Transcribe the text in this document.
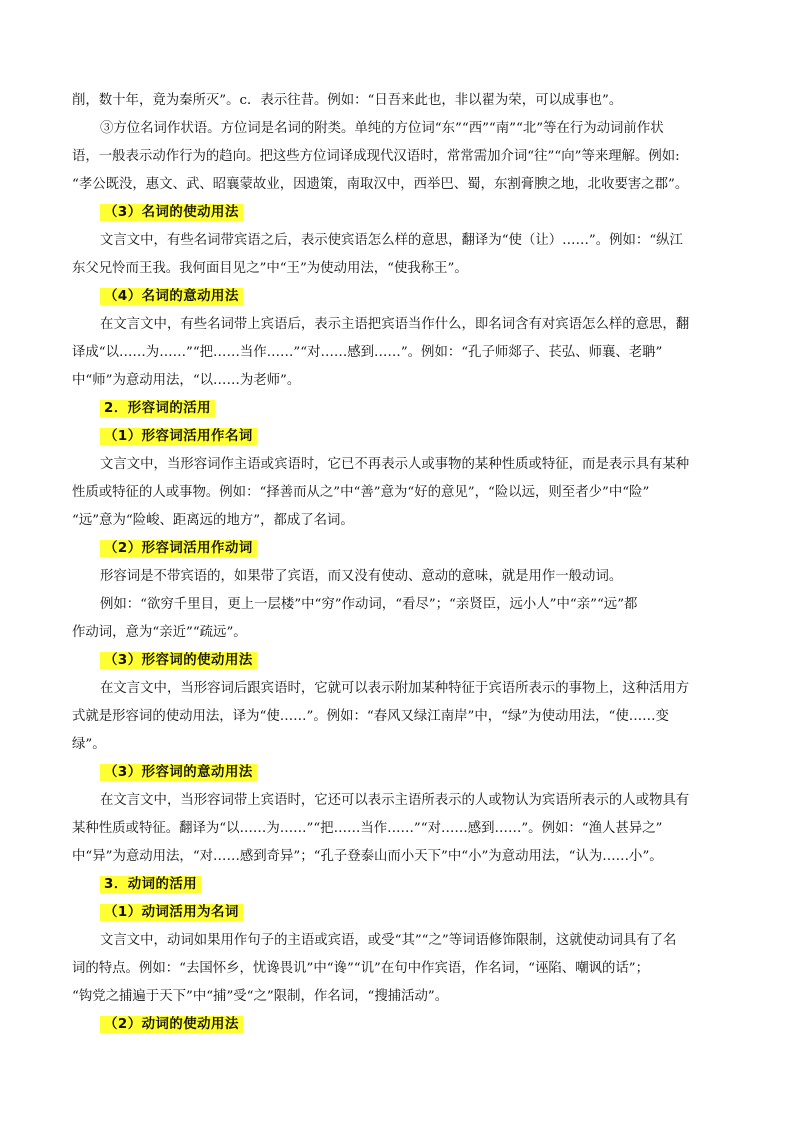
削，数十年，竟为秦所灭”。c．表示往昔。例如：“日吾来此也，非以翟为荣，可以成事也”。
③方位名词作状语。方位词是名词的附类。单纯的方位词“东”“西”“南”“北”等在行为动词前作状
语，一般表示动作行为的趋向。把这些方位词译成现代汉语时，常常需加介词“往”“向”等来理解。例如:
“孝公既没，惠文、武、昭襄蒙故业，因遗策，南取汉中，西举巴、蜀，东割膏腴之地，北收要害之郡”。
（3）名词的使动用法
文言文中，有些名词带宾语之后，表示使宾语怎么样的意思，翻译为“使（让）……”。例如：“纵江
东父兄怜而王我。我何面目见之”中“王”为使动用法，“使我称王”。
（4）名词的意动用法
在文言文中，有些名词带上宾语后，表示主语把宾语当作什么，即名词含有对宾语怎么样的意思，翻
译成“以……为……”“把……当作……”“对……感到……”。例如：“孔子师郯子、苌弘、师襄、老聃”
中“师”为意动用法，“以……为老师”。
2．形容词的活用
（1）形容词活用作名词
文言文中，当形容词作主语或宾语时，它已不再表示人或事物的某种性质或特征，而是表示具有某种
性质或特征的人或事物。例如：“择善而从之”中“善”意为“好的意见”，“险以远，则至者少”中“险”
“远”意为“险峻、距离远的地方”，都成了名词。
（2）形容词活用作动词
形容词是不带宾语的，如果带了宾语，而又没有使动、意动的意味，就是用作一般动词。
例如：“欲穷千里目，更上一层楼”中“穷”作动词，“看尽”；“亲贤臣，远小人”中“亲”“远”都
作动词，意为“亲近”“疏远”。
（3）形容词的使动用法
在文言文中，当形容词后跟宾语时，它就可以表示附加某种特征于宾语所表示的事物上，这种活用方
式就是形容词的使动用法，译为“使……”。例如：“春风又绿江南岸”中，“绿”为使动用法，“使……变
绿”。
（3）形容词的意动用法
在文言文中，当形容词带上宾语时，它还可以表示主语所表示的人或物认为宾语所表示的人或物具有
某种性质或特征。翻译为“以……为……”“把……当作……”“对……感到……”。例如：“渔人甚异之”
中“异”为意动用法，“对……感到奇异”；“孔子登泰山而小天下”中“小”为意动用法，“认为……小”。
3．动词的活用
（1）动词活用为名词
文言文中，动词如果用作句子的主语或宾语，或受“其”“之”等词语修饰限制，这就使动词具有了名
词的特点。例如：“去国怀乡，忧谗畏讥”中“谗”“讥”在句中作宾语，作名词，“诬陷、嘲讽的话”；
“钩党之捕遍于天下”中“捕”受“之”限制，作名词，“搜捕活动”。
（2）动词的使动用法
